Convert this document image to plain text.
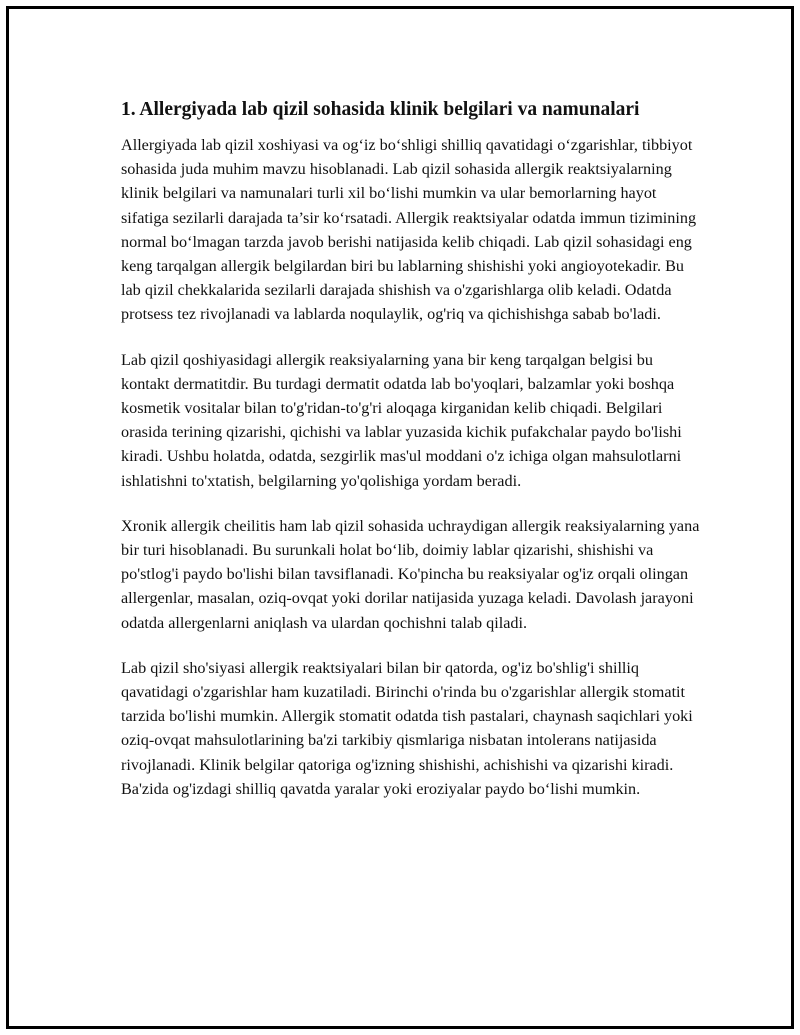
1. Allergiyada lab qizil sohasida klinik belgilari va namunalari

Allergiyada lab qizil xoshiyasi va og‘iz bo‘shligi shilliq qavatidagi o‘zgarishlar, tibbiyot sohasida juda muhim mavzu hisoblanadi. Lab qizil sohasida allergik reaktsiyalarning klinik belgilari va namunalari turli xil bo‘lishi mumkin va ular bemorlarning hayot sifatiga sezilarli darajada ta’sir ko‘rsatadi. Allergik reaktsiyalar odatda immun tizimining normal bo‘lmagan tarzda javob berishi natijasida kelib chiqadi. Lab qizil sohasidagi eng keng tarqalgan allergik belgilardan biri bu lablarning shishishi yoki angioyotekadir. Bu lab qizil chekkalarida sezilarli darajada shishish va o'zgarishlarga olib keladi. Odatda protsess tez rivojlanadi va lablarda noqulaylik, og'riq va qichishishga sabab bo'ladi.

Lab qizil qoshiyasidagi allergik reaksiyalarning yana bir keng tarqalgan belgisi bu kontakt dermatitdir. Bu turdagi dermatit odatda lab bo'yoqlari, balzamlar yoki boshqa kosmetik vositalar bilan to'g'ridan-to'g'ri aloqaga kirganidan kelib chiqadi. Belgilari orasida terining qizarishi, qichishi va lablar yuzasida kichik pufakchalar paydo bo'lishi kiradi. Ushbu holatda, odatda, sezgirlik mas'ul moddani o'z ichiga olgan mahsulotlarni ishlatishni to'xtatish, belgilarning yo'qolishiga yordam beradi.

Xronik allergik cheilitis ham lab qizil sohasida uchraydigan allergik reaksiyalarning yana bir turi hisoblanadi. Bu surunkali holat bo‘lib, doimiy lablar qizarishi, shishishi va po'stlog'i paydo bo'lishi bilan tavsiflanadi. Ko'pincha bu reaksiyalar og'iz orqali olingan allergenlar, masalan, oziq-ovqat yoki dorilar natijasida yuzaga keladi. Davolash jarayoni odatda allergenlarni aniqlash va ulardan qochishni talab qiladi.

Lab qizil sho'siyasi allergik reaktsiyalari bilan bir qatorda, og'iz bo'shlig'i shilliq qavatidagi o'zgarishlar ham kuzatiladi. Birinchi o'rinda bu o'zgarishlar allergik stomatit tarzida bo'lishi mumkin. Allergik stomatit odatda tish pastalari, chaynash saqichlari yoki oziq-ovqat mahsulotlarining ba'zi tarkibiy qismlariga nisbatan intolerans natijasida rivojlanadi. Klinik belgilar qatoriga og'izning shishishi, achishishi va qizarishi kiradi. Ba'zida og'izdagi shilliq qavatda yaralar yoki eroziyalar paydo bo‘lishi mumkin.
